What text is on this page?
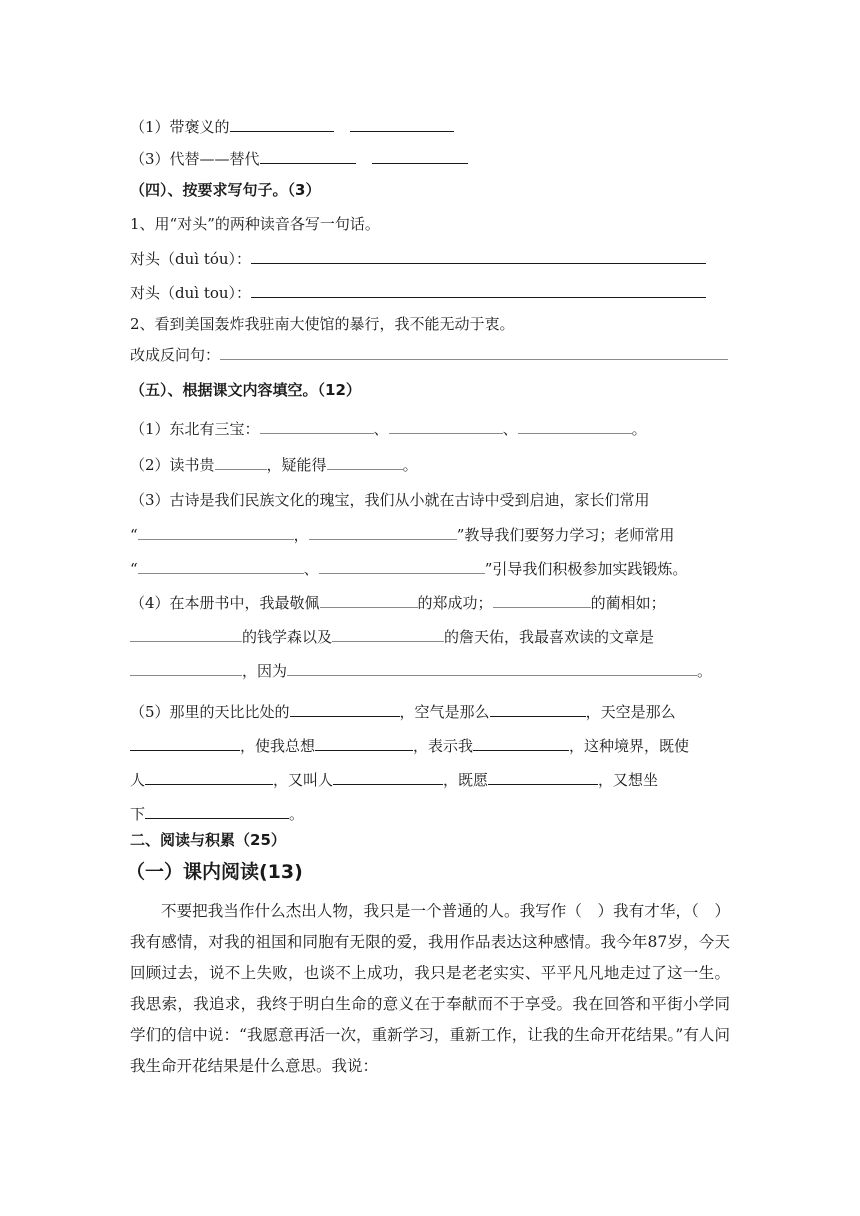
（1）带褒义的
（3）代替——替代
（四）、按要求写句子。（3）
1、用“对头”的两种读音各写一句话。
对头（duì tóu）：
对头（duì tou）：
2、看到美国轰炸我驻南大使馆的暴行，我不能无动于衷。
改成反问句：
（五）、根据课文内容填空。（12）
（1）东北有三宝：	、	、	。
（2）读书贵	，疑能得	。
（3）古诗是我们民族文化的瑰宝，我们从小就在古诗中受到启迪，家长们常用
“	，	”教导我们要努力学习；老师常用
“	、	”引导我们积极参加实践锻炼。
（4）在本册书中，我最敬佩	的郑成功；	的蔺相如；
的钱学森以及	的詹天佑，我最喜欢读的文章是
，因为	。
（5）那里的天比比处的	，空气是那么	，天空是那么
，使我总想	，表示我	，这种境界，既使
人	，又叫人	，既愿	，又想坐
下	。
二、阅读与积累（25）
（一）课内阅读(13)
不要把我当作什么杰出人物，我只是一个普通的人。我写作（　）我有才华，（　）我有感情，对我的祖国和同胞有无限的爱，我用作品表达这种感情。我今年87岁，今天回顾过去，说不上失败，也谈不上成功，我只是老老实实、平平凡凡地走过了这一生。我思索，我追求，我终于明白生命的意义在于奉献而不于享受。我在回答和平街小学同学们的信中说：“我愿意再活一次，重新学习，重新工作，让我的生命开花结果。”有人问我生命开花结果是什么意思。我说：
